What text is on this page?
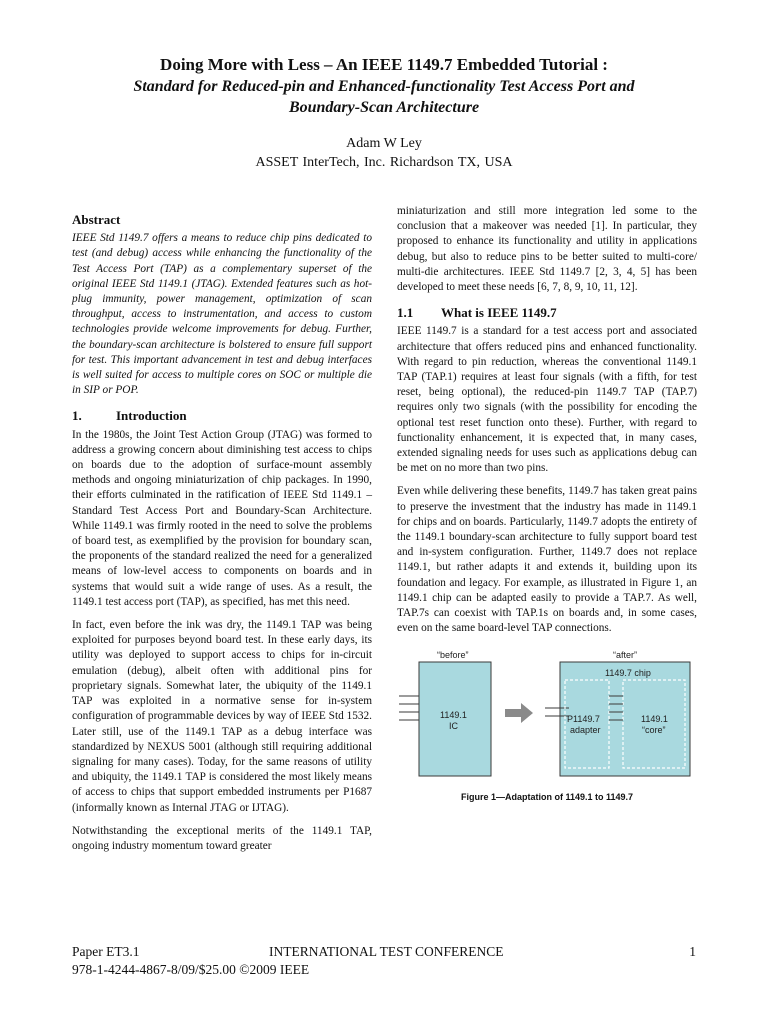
Doing More with Less – An IEEE 1149.7 Embedded Tutorial :

Standard for Reduced-pin and Enhanced-functionality Test Access Port and

Boundary-Scan Architecture

Adam W Ley
ASSET InterTech, Inc. Richardson TX, USA
Abstract

IEEE Std 1149.7 offers a means to reduce chip pins dedicated to test (and debug) access while enhancing the functionality of the Test Access Port (TAP) as a complementary superset of the original IEEE Std 1149.1 (JTAG). Extended features such as hot-plug immunity, power management, optimization of scan throughput, access to instrumentation, and access to custom technologies provide welcome improvements for debug. Further, the boundary-scan architecture is bolstered to ensure full support for test. This important advancement in test and debug interfaces is well suited for access to multiple cores on SOC or multiple die in SIP or POP.

1.	Introduction

In the 1980s, the Joint Test Action Group (JTAG) was formed to address a growing concern about diminishing test access to chips on boards due to the adoption of surface-mount assembly methods and ongoing miniaturization of chip packages. In 1990, their efforts culminated in the ratification of IEEE Std 1149.1 – Standard Test Access Port and Boundary-Scan Architecture. While 1149.1 was firmly rooted in the need to solve the problems of board test, as exemplified by the provision for boundary scan, the proponents of the standard realized the need for a generalized means of low-level access to components on boards and in systems that would suit a wide range of uses. As a result, the 1149.1 test access port (TAP), as specified, has met this need.

In fact, even before the ink was dry, the 1149.1 TAP was being exploited for purposes beyond board test. In these early days, its utility was deployed to support access to chips for in-circuit emulation (debug), albeit often with additional pins for proprietary signals. Somewhat later, the ubiquity of the 1149.1 TAP was exploited in a normative sense for in-system configuration of programmable devices by way of IEEE Std 1532. Later still, use of the 1149.1 TAP as a debug interface was standardized by NEXUS 5001 (although still requiring additional signaling for many cases). Today, for the same reasons of utility and ubiquity, the 1149.1 TAP is considered the most likely means of access to chips that support embedded instruments per P1687 (informally known as Internal JTAG or IJTAG).

Notwithstanding the exceptional merits of the 1149.1 TAP, ongoing industry momentum toward greater

miniaturization and still more integration led some to the conclusion that a makeover was needed [1]. In particular, they proposed to enhance its functionality and utility in applications debug, but also to reduce pins to be better suited to multi-core/ multi-die architectures. IEEE Std 1149.7 [2, 3, 4, 5] has been developed to meet these needs [6, 7, 8, 9, 10, 11, 12].

1.1 What is IEEE 1149.7

IEEE 1149.7 is a standard for a test access port and associated architecture that offers reduced pins and enhanced functionality. With regard to pin reduction, whereas the conventional 1149.1 TAP (TAP.1) requires at least four signals (with a fifth, for test reset, being optional), the reduced-pin 1149.7 TAP (TAP.7) requires only two signals (with the possibility for encoding the optional test reset function onto these). Further, with regard to functionality enhancement, it is expected that, in many cases, extended signaling needs for uses such as applications debug can be met on no more than two pins.

Even while delivering these benefits, 1149.7 has taken great pains to preserve the investment that the industry has made in 1149.1 for chips and on boards. Particularly, 1149.7 adopts the entirety of the 1149.1 boundary-scan architecture to fully support board test and in-system configuration. Further, 1149.7 does not replace 1149.1, but rather adapts it and extends it, building upon its foundation and legacy. For example, as illustrated in Figure 1, an 1149.1 chip can be adapted easily to provide a TAP.7. As well, TAP.7s can coexist with TAP.1s on boards and, in some cases, even on the same board-level TAP connections.

“before”	“after”
1149.7 chip
1149.1
IC
P1149.7
adapter
1149.1
“core”
Figure 1—Adaptation of 1149.1 to 1149.7
Paper ET3.1	INTERNATIONAL TEST CONFERENCE	1
978-1-4244-4867-8/09/$25.00 ©2009 IEEE
